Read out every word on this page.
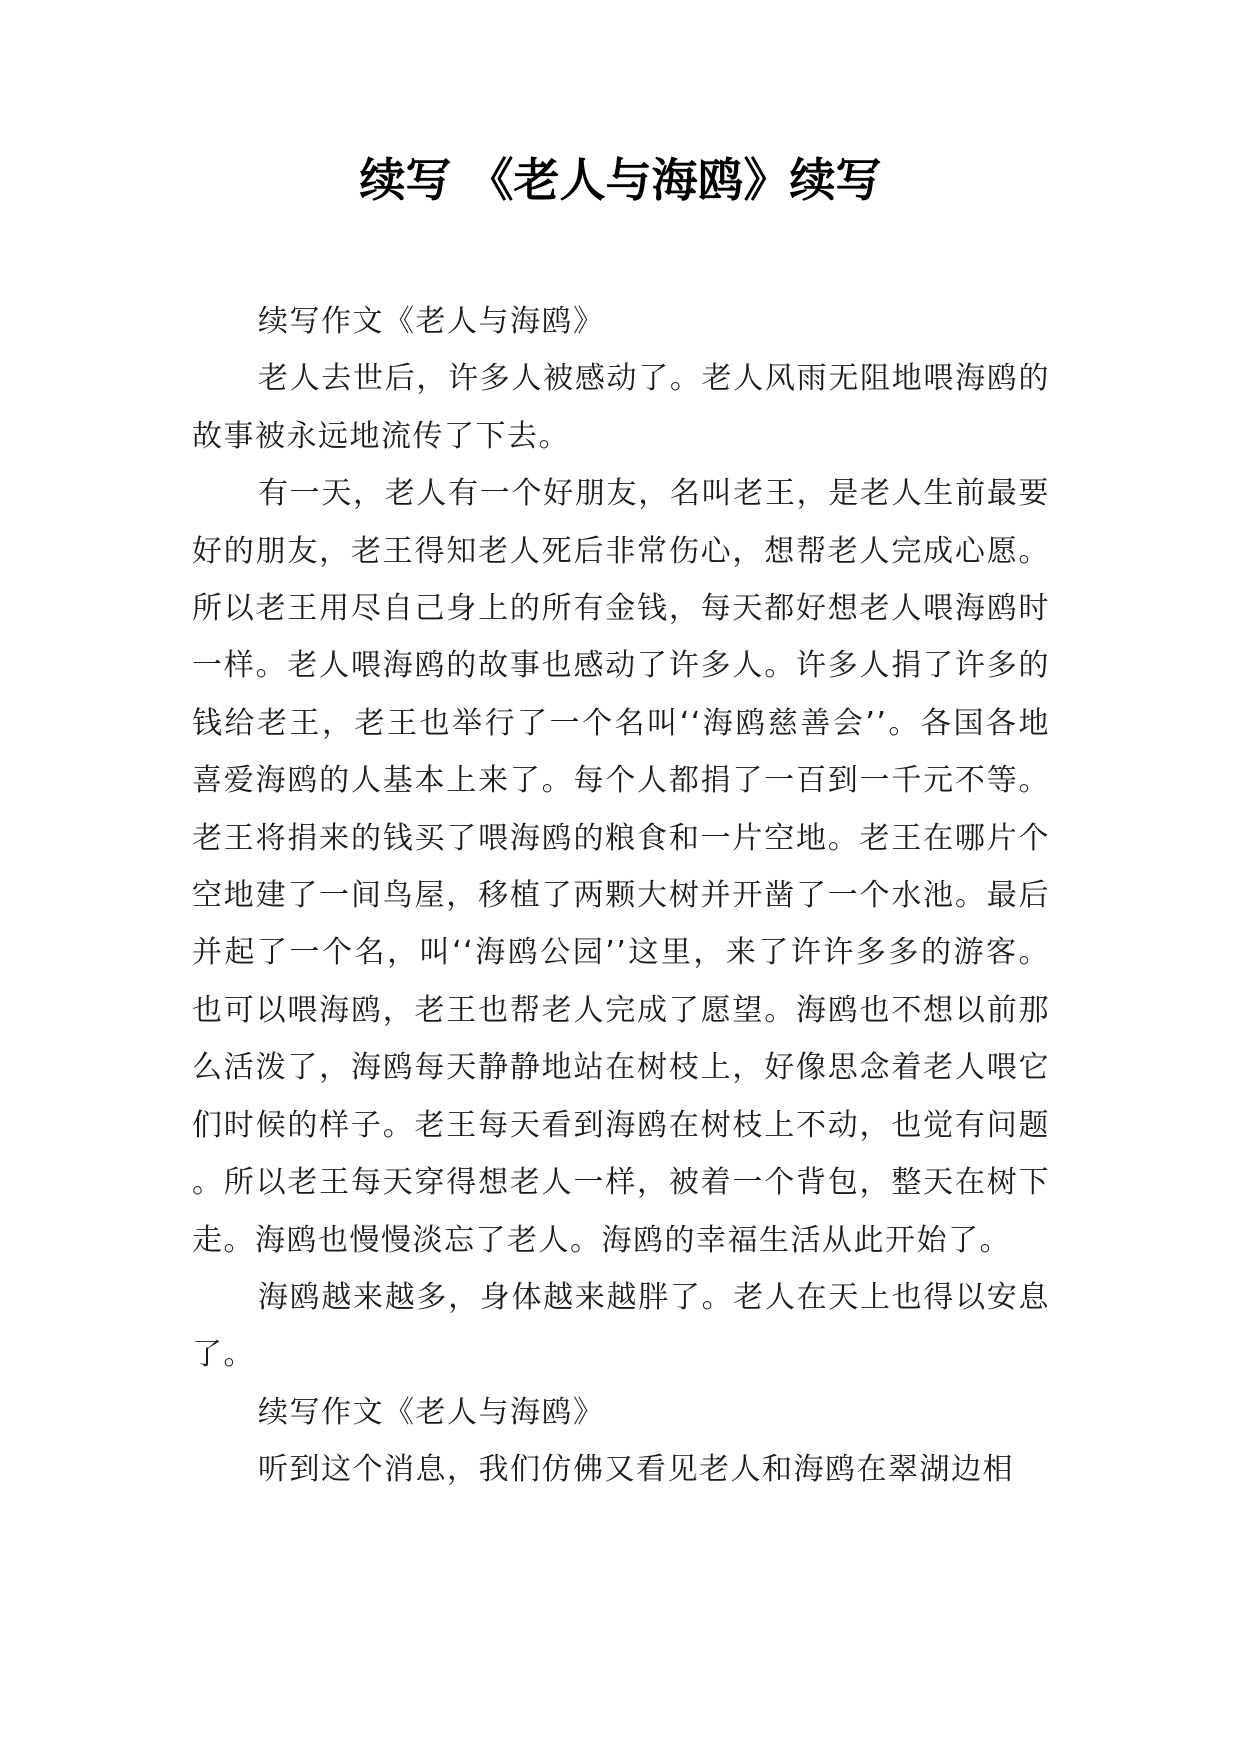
续写 《老人与海鸥》续写

续写作文《老人与海鸥》

老人去世后，许多人被感动了。老人风雨无阻地喂海鸥的故事被永远地流传了下去。

有一天，老人有一个好朋友，名叫老王，是老人生前最要好的朋友，老王得知老人死后非常伤心，想帮老人完成心愿。所以老王用尽自己身上的所有金钱，每天都好想老人喂海鸥时一样。老人喂海鸥的故事也感动了许多人。许多人捐了许多的钱给老王，老王也举行了一个名叫‘‘海鸥慈善会’’。各国各地喜爱海鸥的人基本上来了。每个人都捐了一百到一千元不等。老王将捐来的钱买了喂海鸥的粮食和一片空地。老王在哪片个空地建了一间鸟屋，移植了两颗大树并开凿了一个水池。最后并起了一个名，叫‘‘海鸥公园’’这里，来了许许多多的游客。也可以喂海鸥，老王也帮老人完成了愿望。海鸥也不想以前那么活泼了，海鸥每天静静地站在树枝上，好像思念着老人喂它们时候的样子。老王每天看到海鸥在树枝上不动，也觉有问题。所以老王每天穿得想老人一样，被着一个背包，整天在树下走。海鸥也慢慢淡忘了老人。海鸥的幸福生活从此开始了。

海鸥越来越多，身体越来越胖了。老人在天上也得以安息了。

续写作文《老人与海鸥》

听到这个消息，我们仿佛又看见老人和海鸥在翠湖边相
